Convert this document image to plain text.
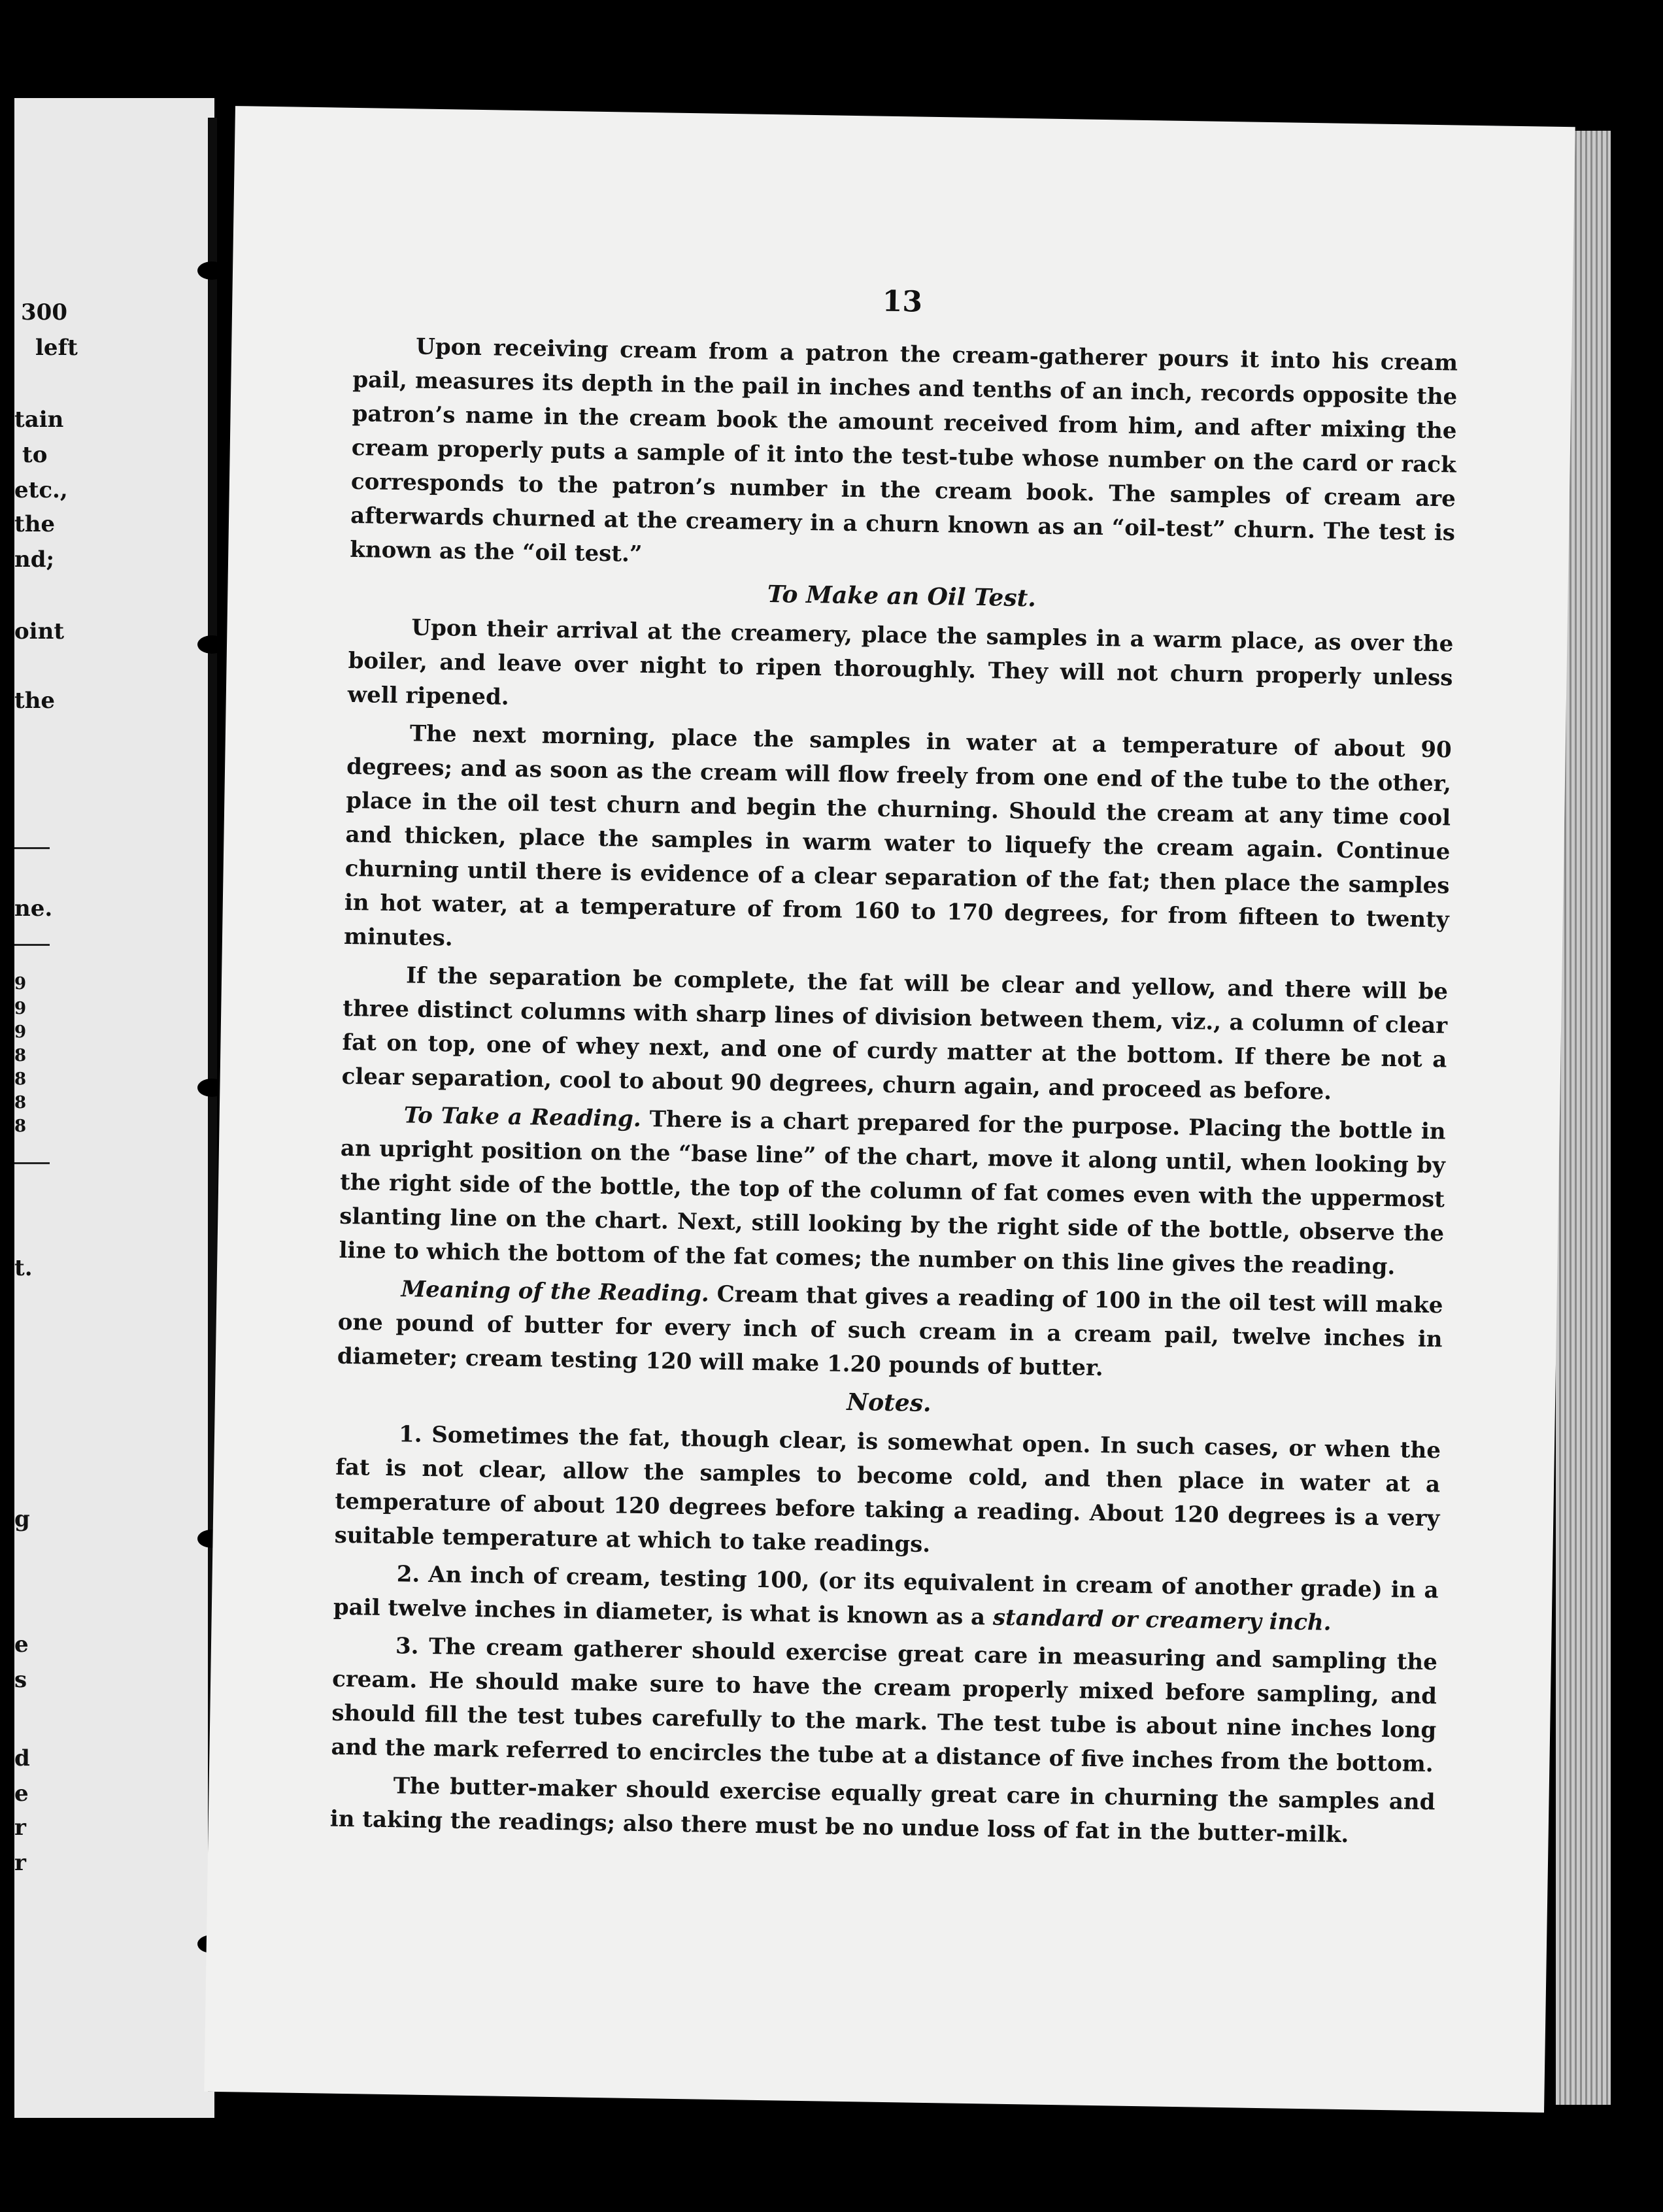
300
left
tain
to
etc.,
the
nd;
oint
the
ne.
9
9
9
8
8
8
8
t.
g
e
s
d
e
r
r
13

Upon receiving cream from a patron the cream-gatherer pours it into his cream pail, measures its depth in the pail in inches and tenths of an inch, records opposite the patron’s name in the cream book the amount received from him, and after mixing the cream properly puts a sample of it into the test-tube whose number on the card or rack corresponds to the patron’s number in the cream book. The samples of cream are afterwards churned at the creamery in a churn known as an “oil-test” churn. The test is known as the “oil test.”

To Make an Oil Test.

Upon their arrival at the creamery, place the samples in a warm place, as over the boiler, and leave over night to ripen thoroughly. They will not churn properly unless well ripened.

The next morning, place the samples in water at a temperature of about 90 degrees; and as soon as the cream will flow freely from one end of the tube to the other, place in the oil test churn and begin the churning. Should the cream at any time cool and thicken, place the samples in warm water to liquefy the cream again. Continue churning until there is evidence of a clear separation of the fat; then place the samples in hot water, at a temperature of from 160 to 170 degrees, for from fifteen to twenty minutes.

If the separation be complete, the fat will be clear and yellow, and there will be three distinct columns with sharp lines of division between them, viz., a column of clear fat on top, one of whey next, and one of curdy matter at the bottom. If there be not a clear separation, cool to about 90 degrees, churn again, and proceed as before.

To Take a Reading. There is a chart prepared for the purpose. Placing the bottle in an upright position on the “base line” of the chart, move it along until, when looking by the right side of the bottle, the top of the column of fat comes even with the uppermost slanting line on the chart. Next, still looking by the right side of the bottle, observe the line to which the bottom of the fat comes; the number on this line gives the reading.

Meaning of the Reading. Cream that gives a reading of 100 in the oil test will make one pound of butter for every inch of such cream in a cream pail, twelve inches in diameter; cream testing 120 will make 1.20 pounds of butter.

Notes.

1. Sometimes the fat, though clear, is somewhat open. In such cases, or when the fat is not clear, allow the samples to become cold, and then place in water at a temperature of about 120 degrees before taking a reading. About 120 degrees is a very suitable temperature at which to take readings.

2. An inch of cream, testing 100, (or its equivalent in cream of another grade) in a pail twelve inches in diameter, is what is known as a standard or creamery inch.

3. The cream gatherer should exercise great care in measuring and sampling the cream. He should make sure to have the cream properly mixed before sampling, and should fill the test tubes carefully to the mark. The test tube is about nine inches long and the mark referred to encircles the tube at a distance of five inches from the bottom.

The butter-maker should exercise equally great care in churning the samples and in taking the readings; also there must be no undue loss of fat in the butter-milk.
